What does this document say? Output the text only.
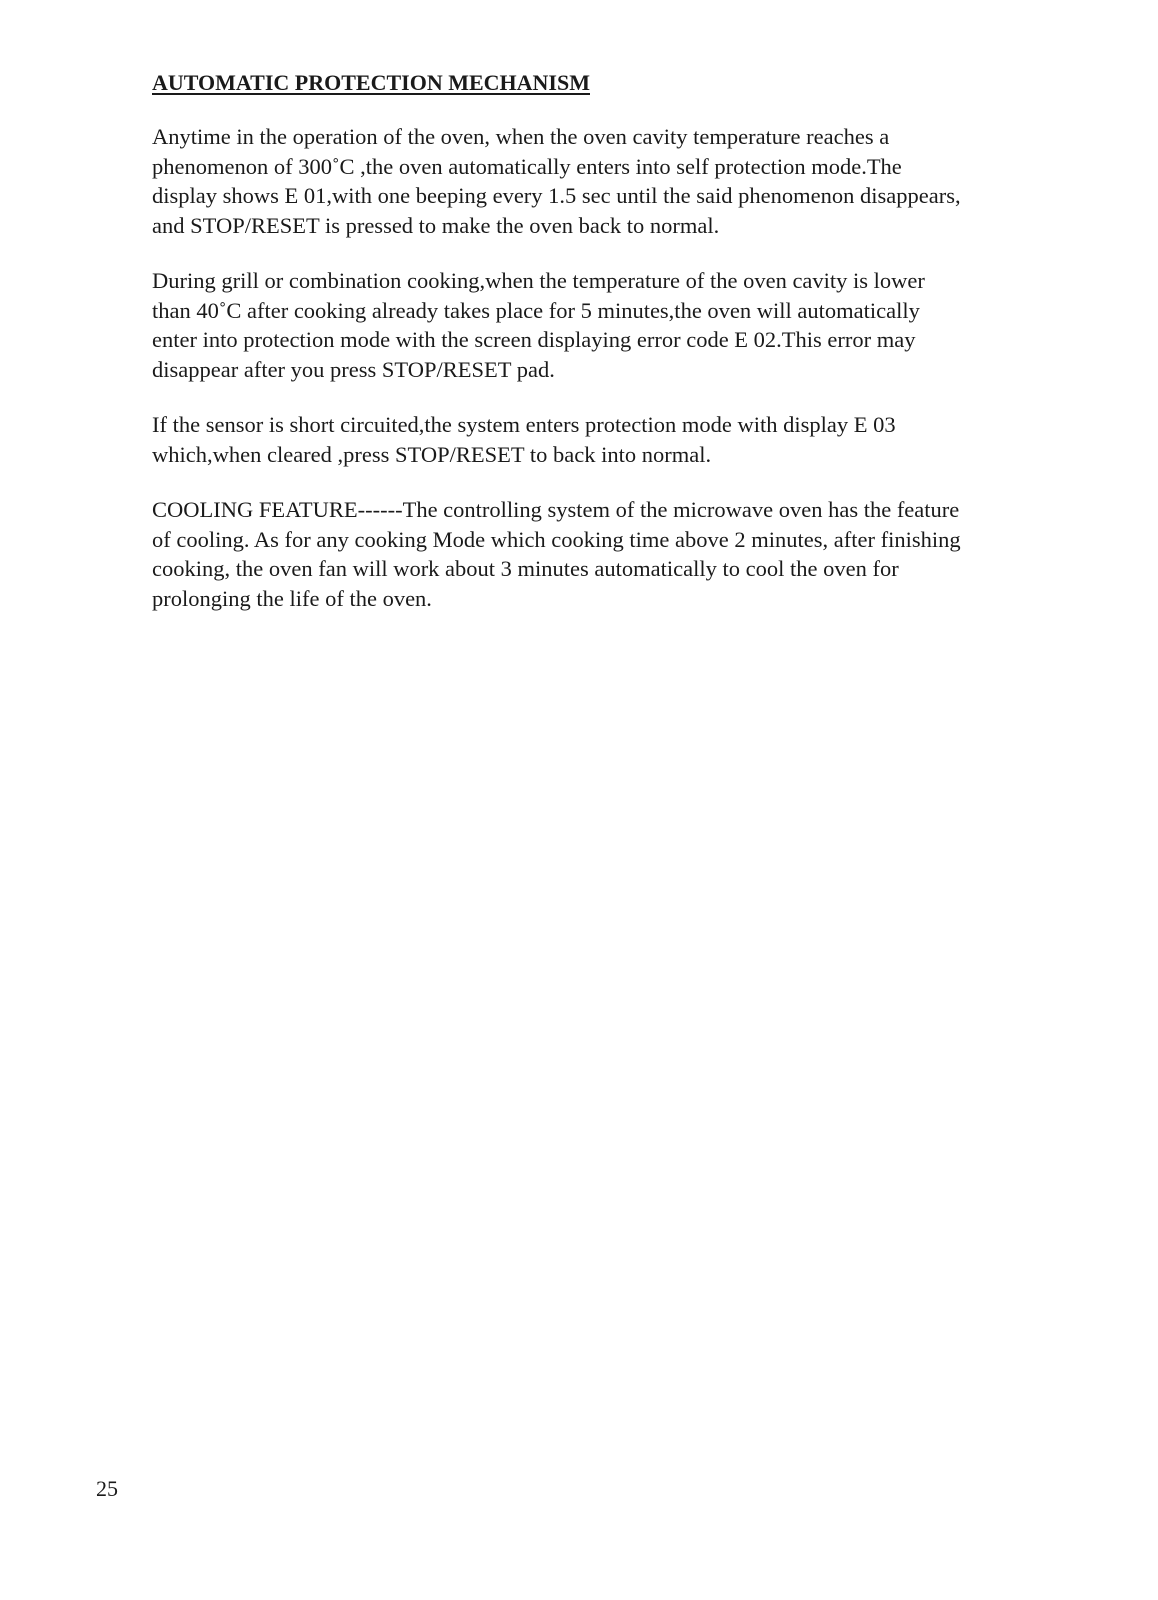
AUTOMATIC PROTECTION MECHANISM
Anytime in the operation of the oven, when the oven cavity temperature reaches a
phenomenon of 300˚C ,the oven automatically enters into self protection mode.The
display shows E 01,with one beeping every 1.5 sec until the said phenomenon disappears,
and STOP/RESET is pressed to make the oven back to normal.
During grill or combination cooking,when the temperature of the oven cavity is lower
than 40˚C after cooking already takes place for 5 minutes,the oven will automatically
enter into protection mode with the screen displaying error code E 02.This error may
disappear after you press STOP/RESET pad.
If the sensor is short circuited,the system enters protection mode with display E 03
which,when cleared ,press STOP/RESET to back into normal.
COOLING FEATURE------The controlling system of the microwave oven has the feature
of cooling. As for any cooking Mode which cooking time above 2 minutes, after finishing
cooking, the oven fan will work about 3 minutes automatically to cool the oven for
prolonging the life of the oven.
25
